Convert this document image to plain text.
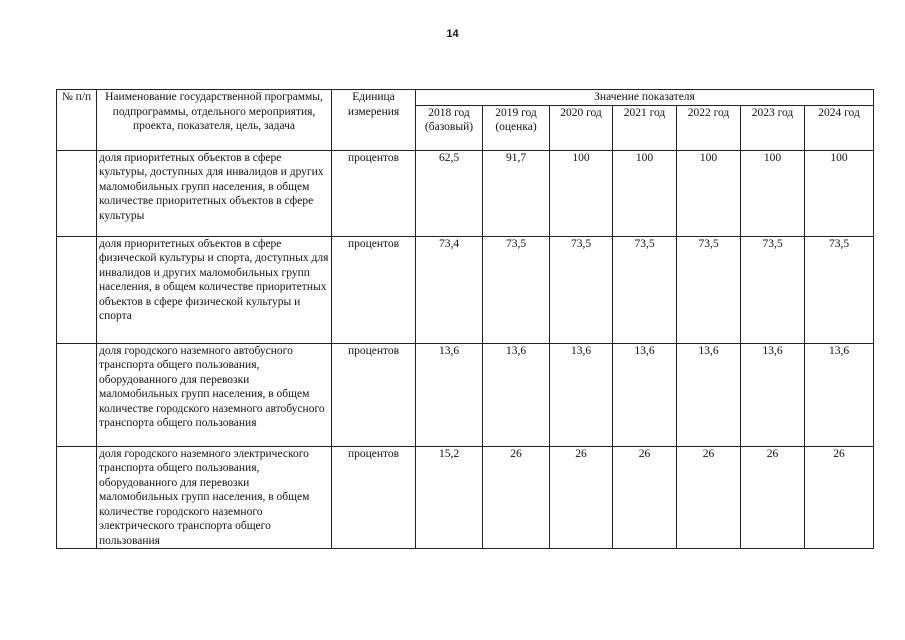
14
№ п/п	Наименование государственной программы, подпрограммы, отдельного мероприятия, проекта, показателя, цель, задача	Единица измерения	Значение показателя						
			2018 год (базовый)	2019 год (оценка)	2020 год	2021 год	2022 год	2023 год	2024 год
	доля приоритетных объектов в сфере культуры, доступных для инвалидов и других маломобильных групп населения, в общем количестве приоритетных объектов в сфере культуры	процентов	62,5	91,7	100	100	100	100	100
	доля приоритетных объектов в сфере физической культуры и спорта, доступных для инвалидов и других маломобильных групп населения, в общем количестве приоритетных объектов в сфере физической культуры и спорта	процентов	73,4	73,5	73,5	73,5	73,5	73,5	73,5
	доля городского наземного автобусного транспорта общего пользования, оборудованного для перевозки маломобильных групп населения, в общем количестве городского наземного автобусного транспорта общего пользования	процентов	13,6	13,6	13,6	13,6	13,6	13,6	13,6
	доля городского наземного электрического транспорта общего пользования, оборудованного для перевозки маломобильных групп населения, в общем количестве городского наземного электрического транспорта общего пользования	процентов	15,2	26	26	26	26	26	26
